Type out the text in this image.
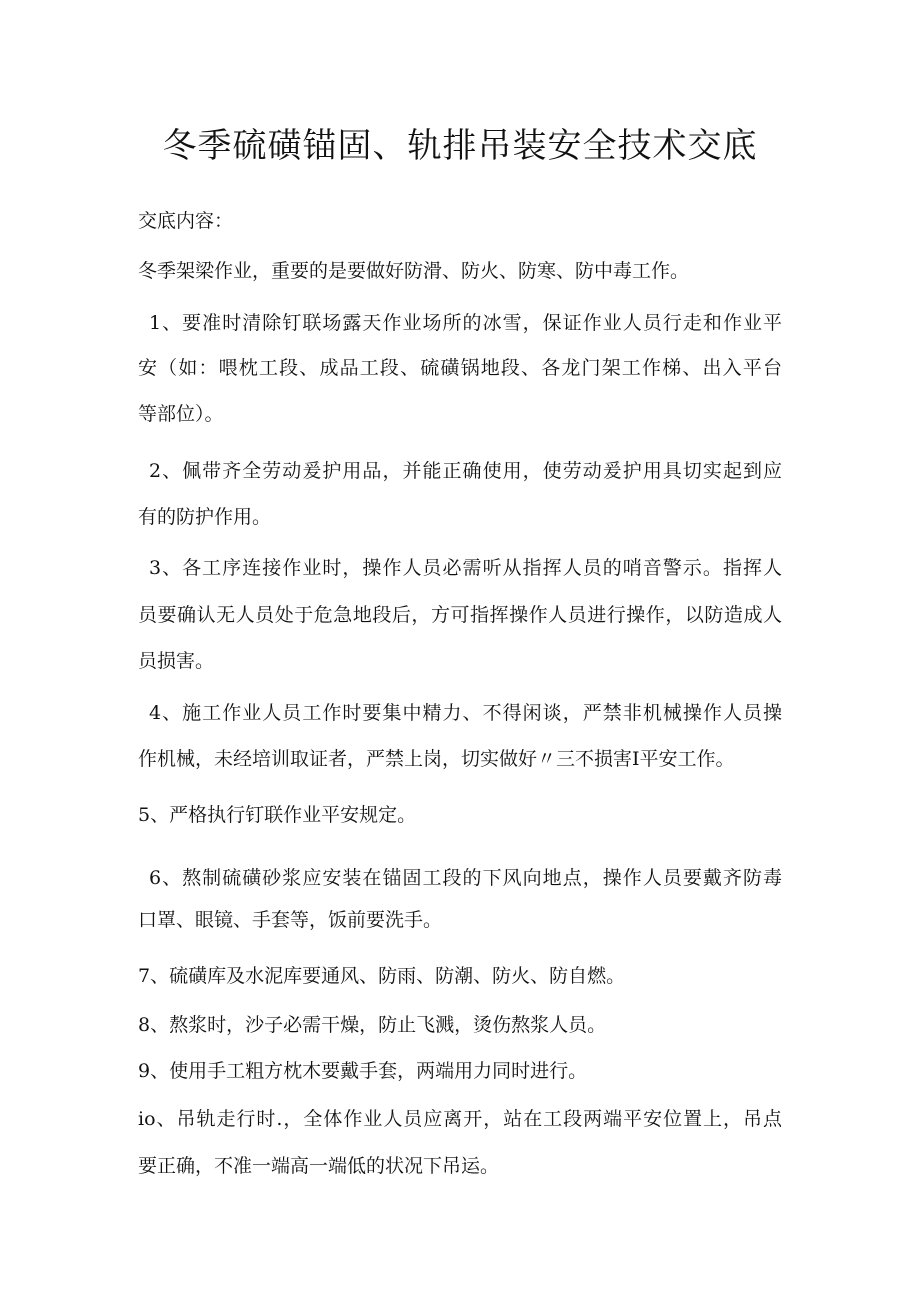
冬季硫磺锚固、轨排吊装安全技术交底

交底内容：

冬季架梁作业，重要的是要做好防滑、防火、防寒、防中毒工作。

1、要准时清除钉联场露天作业场所的冰雪，保证作业人员行走和作业平

安（如：喂枕工段、成品工段、硫磺锅地段、各龙门架工作梯、出入平台

等部位）。

2、佩带齐全劳动爰护用品，并能正确使用，使劳动爰护用具切实起到应

有的防护作用。

3、各工序连接作业时，操作人员必需听从指挥人员的哨音警示。指挥人

员要确认无人员处于危急地段后，方可指挥操作人员进行操作，以防造成人

员损害。

4、施工作业人员工作时要集中精力、不得闲谈，严禁非机械操作人员操

作机械，未经培训取证者，严禁上岗，切实做好〃三不损害I平安工作。

5、严格执行钉联作业平安规定。

6、熬制硫磺砂浆应安装在锚固工段的下风向地点，操作人员要戴齐防毒

口罩、眼镜、手套等，饭前要洗手。

7、硫磺库及水泥库要通风、防雨、防潮、防火、防自燃。

8、熬浆时，沙子必需干燥，防止飞溅，烫伤熬浆人员。

9、使用手工粗方枕木要戴手套，两端用力同时进行。

io、吊轨走行时.，全体作业人员应离开，站在工段两端平安位置上，吊点

要正确，不准一端高一端低的状况下吊运。
